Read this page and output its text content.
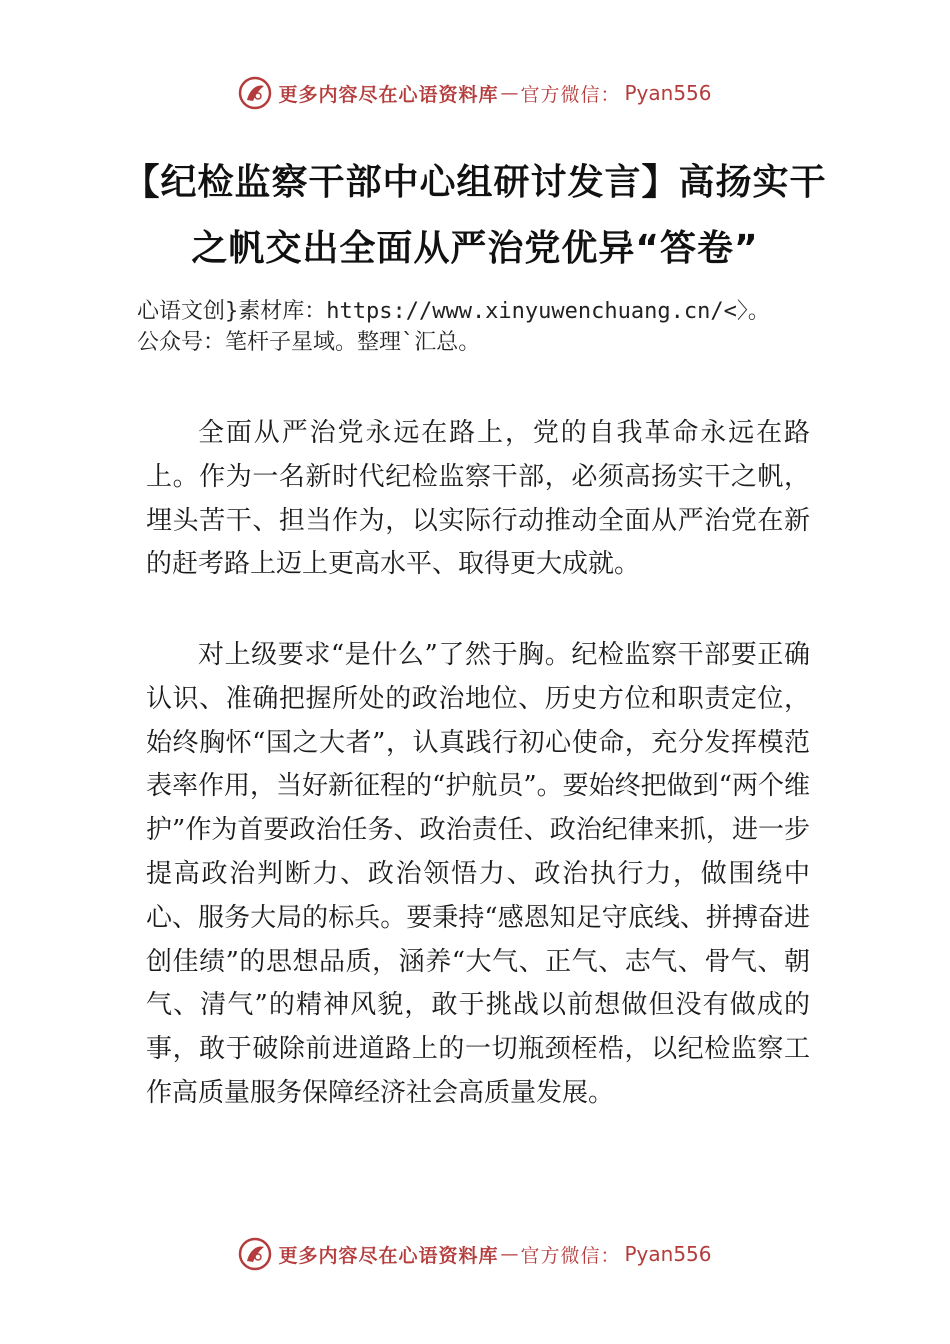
更多内容尽在心语资料库 — 官方微信： Pyan556
【纪检监察干部中心组研讨发言】高扬实干之帆交出全面从严治党优异“答卷”
心语文创}素材库：https://www.xinyuwenchuang.cn/<〉。
公众号：笔杆子星域。整理`汇总。

全面从严治党永远在路上，党的自我革命永远在路上。作为一名新时代纪检监察干部，必须高扬实干之帆，埋头苦干、担当作为，以实际行动推动全面从严治党在新的赶考路上迈上更高水平、取得更大成就。

对上级要求“是什么”了然于胸。纪检监察干部要正确认识、准确把握所处的政治地位、历史方位和职责定位，始终胸怀“国之大者”，认真践行初心使命，充分发挥模范表率作用，当好新征程的“护航员”。要始终把做到“两个维护”作为首要政治任务、政治责任、政治纪律来抓，进一步提高政治判断力、政治领悟力、政治执行力，做围绕中心、服务大局的标兵。要秉持“感恩知足守底线、拼搏奋进创佳绩”的思想品质，涵养“大气、正气、志气、骨气、朝气、清气”的精神风貌，敢于挑战以前想做但没有做成的事，敢于破除前进道路上的一切瓶颈桎梏，以纪检监察工作高质量服务保障经济社会高质量发展。

更多内容尽在心语资料库 — 官方微信： Pyan556
